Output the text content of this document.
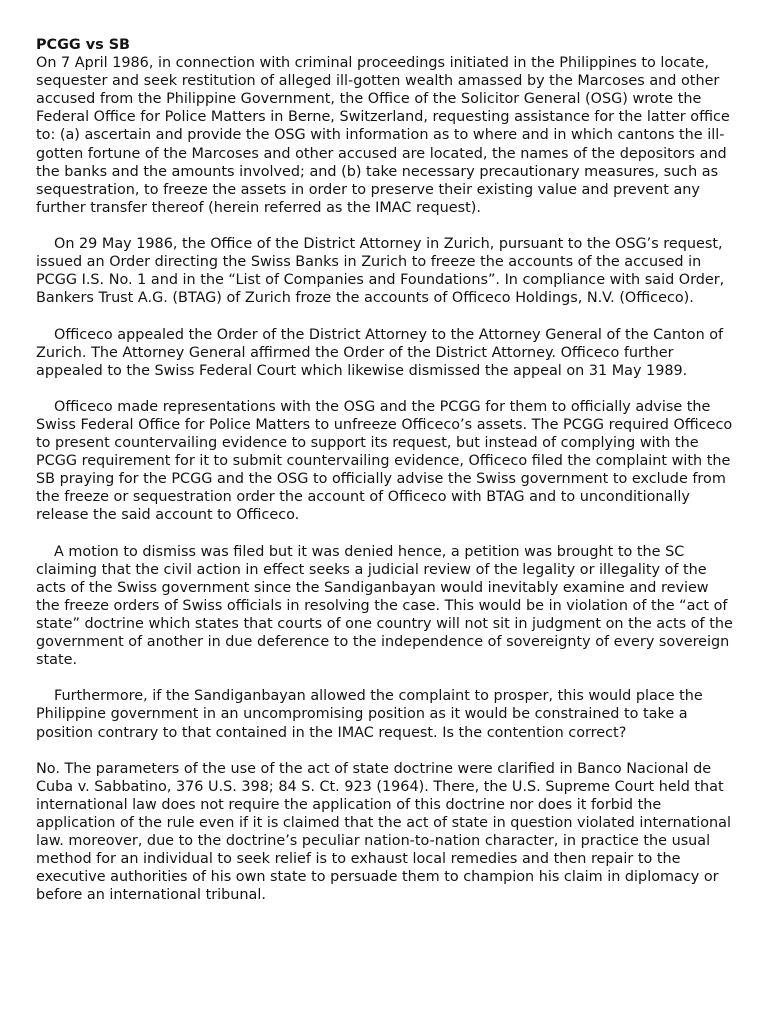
PCGG vs SB

On 7 April 1986, in connection with criminal proceedings initiated in the Philippines to locate, sequester and seek restitution of alleged ill-gotten wealth amassed by the Marcoses and other accused from the Philippine Government, the Office of the Solicitor General (OSG) wrote the Federal Office for Police Matters in Berne, Switzerland, requesting assistance for the latter office to: (a) ascertain and provide the OSG with information as to where and in which cantons the ill-gotten fortune of the Marcoses and other accused are located, the names of the depositors and the banks and the amounts involved; and (b) take necessary precautionary measures, such as sequestration, to freeze the assets in order to preserve their existing value and prevent any further transfer thereof (herein referred as the IMAC request).

On 29 May 1986, the Office of the District Attorney in Zurich, pursuant to the OSG’s request, issued an Order directing the Swiss Banks in Zurich to freeze the accounts of the accused in PCGG I.S. No. 1 and in the “List of Companies and Foundations”. In compliance with said Order, Bankers Trust A.G. (BTAG) of Zurich froze the accounts of Officeco Holdings, N.V. (Officeco).

Officeco appealed the Order of the District Attorney to the Attorney General of the Canton of Zurich. The Attorney General affirmed the Order of the District Attorney. Officeco further appealed to the Swiss Federal Court which likewise dismissed the appeal on 31 May 1989.

Officeco made representations with the OSG and the PCGG for them to officially advise the Swiss Federal Office for Police Matters to unfreeze Officeco’s assets. The PCGG required Officeco to present countervailing evidence to support its request, but instead of complying with the PCGG requirement for it to submit countervailing evidence, Officeco filed the complaint with the SB praying for the PCGG and the OSG to officially advise the Swiss government to exclude from the freeze or sequestration order the account of Officeco with BTAG and to unconditionally release the said account to Officeco.

A motion to dismiss was filed but it was denied hence, a petition was brought to the SC claiming that the civil action in effect seeks a judicial review of the legality or illegality of the acts of the Swiss government since the Sandiganbayan would inevitably examine and review the freeze orders of Swiss officials in resolving the case. This would be in violation of the “act of state” doctrine which states that courts of one country will not sit in judgment on the acts of the government of another in due deference to the independence of sovereignty of every sovereign state.

Furthermore, if the Sandiganbayan allowed the complaint to prosper, this would place the Philippine government in an uncompromising position as it would be constrained to take a position contrary to that contained in the IMAC request. Is the contention correct?

No. The parameters of the use of the act of state doctrine were clarified in Banco Nacional de Cuba v. Sabbatino, 376 U.S. 398; 84 S. Ct. 923 (1964). There, the U.S. Supreme Court held that international law does not require the application of this doctrine nor does it forbid the application of the rule even if it is claimed that the act of state in question violated international law. moreover, due to the doctrine’s peculiar nation-to-nation character, in practice the usual method for an individual to seek relief is to exhaust local remedies and then repair to the executive authorities of his own state to persuade them to champion his claim in diplomacy or before an international tribunal.
